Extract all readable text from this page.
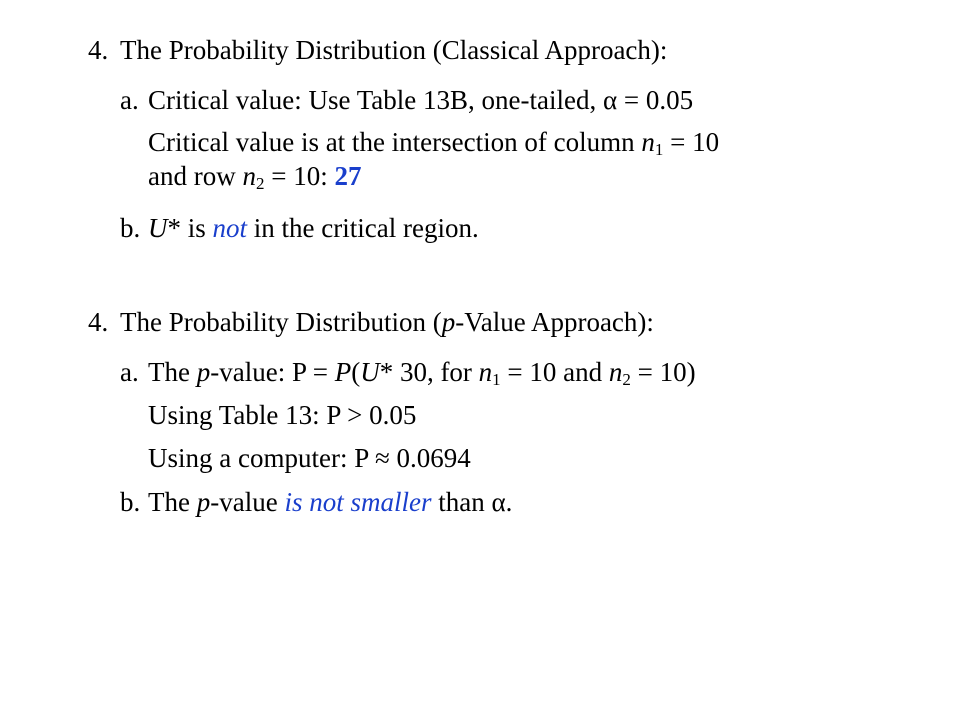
4. The Probability Distribution (Classical Approach):
a. Critical value: Use Table 13B, one-tailed, α = 0.05
Critical value is at the intersection of column $n_1 = 10$
and row $n_2 = 10$: 27
b. U* is not in the critical region.
4. The Probability Distribution (p-Value Approach):
a. The p-value: P = P(U* 30, for $n_1 = 10$ and $n_2 = 10$)
Using Table 13: P > 0.05
Using a computer: P ≈ 0.0694
b. The p-value is not smaller than α.
